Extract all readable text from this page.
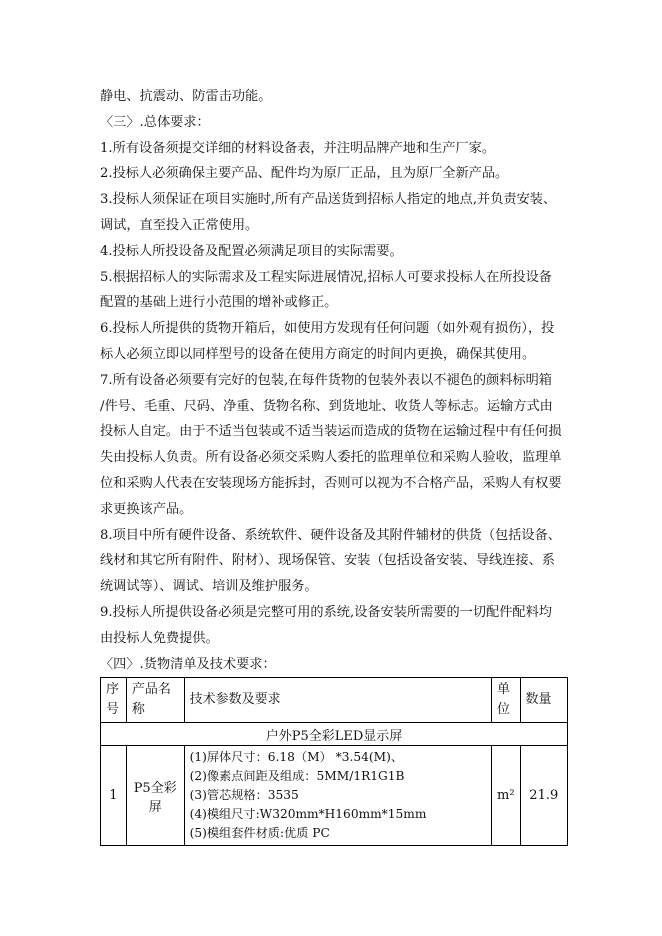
静电、抗震动、防雷击功能。

〈三〉.总体要求：

1.所有设备须提交详细的材料设备表，并注明品牌产地和生产厂家。

2.投标人必须确保主要产品、配件均为原厂正品，且为原厂全新产品。

3.投标人须保证在项目实施时,所有产品送货到招标人指定的地点,并负责安装、

调试，直至投入正常使用。

4.投标人所投设备及配置必须满足项目的实际需要。

5.根据招标人的实际需求及工程实际进展情况,招标人可要求投标人在所投设备

配置的基础上进行小范围的增补或修正。

6.投标人所提供的货物开箱后，如使用方发现有任何问题（如外观有损伤），投

标人必须立即以同样型号的设备在使用方商定的时间内更换，确保其使用。

7.所有设备必须要有完好的包装,在每件货物的包装外表以不褪色的颜料标明箱

/件号、毛重、尺码、净重、货物名称、到货地址、收货人等标志。运输方式由

投标人自定。由于不适当包装或不适当装运而造成的货物在运输过程中有任何损

失由投标人负责。所有设备必须交采购人委托的监理单位和采购人验收，监理单

位和采购人代表在安装现场方能拆封，否则可以视为不合格产品，采购人有权要

求更换该产品。

8.项目中所有硬件设备、系统软件、硬件设备及其附件辅材的供货（包括设备、

线材和其它所有附件、附材）、现场保管、安装（包括设备安装、导线连接、系

统调试等）、调试、培训及维护服务。

9.投标人所提供设备必须是完整可用的系统,设备安装所需要的一切配件配料均

由投标人免费提供。

〈四〉.货物清单及技术要求：

序号	产品名称	技术参数及要求	单位	数量
户外P5全彩LED显示屏				
1	P5全彩屏	(1)屏体尺寸：6.18（M） *3.54(M)、
(2)像素点间距及组成：5MM/1R1G1B
(3)管芯规格：3535
(4)模组尺寸:W320mm*H160mm*15mm
(5)模组套件材质:优质 PC	m²	21.9
